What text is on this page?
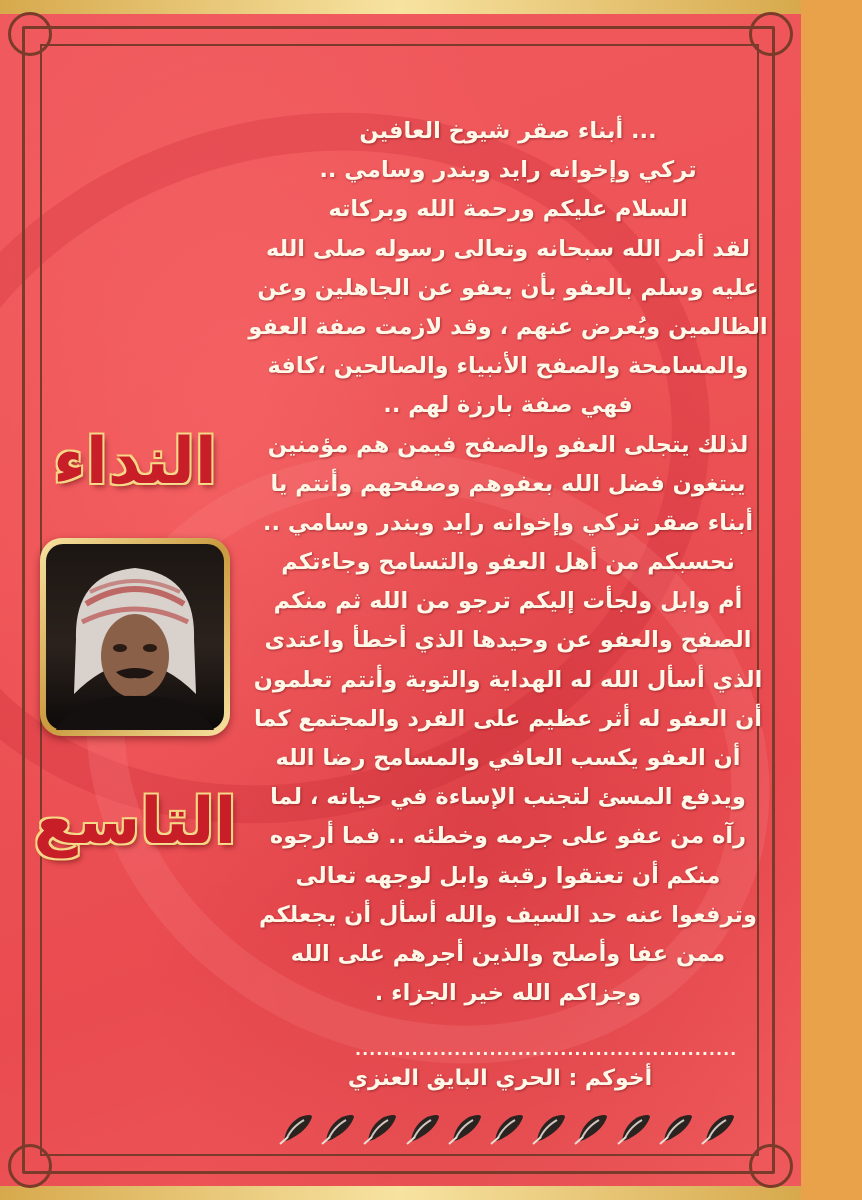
النداء
التاسع
... أبناء صقر شيوخ العافين
تركي وإخوانه رايد وبندر وسامي ..
السلام عليكم ورحمة الله وبركاته
لقد أمر الله سبحانه وتعالى رسوله صلى الله
عليه وسلم بالعفو بأن يعفو عن الجاهلين وعن
الظالمين ويُعرض عنهم ، وقد لازمت صفة العفو
والمسامحة والصفح الأنبياء والصالحين ،كافة
فهي صفة بارزة لهم ..
لذلك يتجلى العفو والصفح فيمن هم مؤمنين
يبتغون فضل الله بعفوهم وصفحهم وأنتم يا
أبناء صقر تركي وإخوانه رايد وبندر وسامي ..
نحسبكم من أهل العفو والتسامح وجاءتكم
أم وابل ولجأت إليكم ترجو من الله ثم منكم
الصفح والعفو عن وحيدها الذي أخطأ واعتدى
الذي أسأل الله له الهداية والتوبة وأنتم تعلمون
أن العفو له أثر عظيم على الفرد والمجتمع كما
أن العفو يكسب العافي والمسامح رضا الله
ويدفع المسئ لتجنب الإساءة في حياته ، لما
رآه من عفو على جرمه وخطئه .. فما أرجوه
منكم أن تعتقوا رقبة وابل لوجهه تعالى
وترفعوا عنه حد السيف والله أسأل أن يجعلكم
ممن عفا وأصلح والذين أجرهم على الله
وجزاكم الله خير الجزاء .
......................................................
أخوكم : الحري البايق العنزي
